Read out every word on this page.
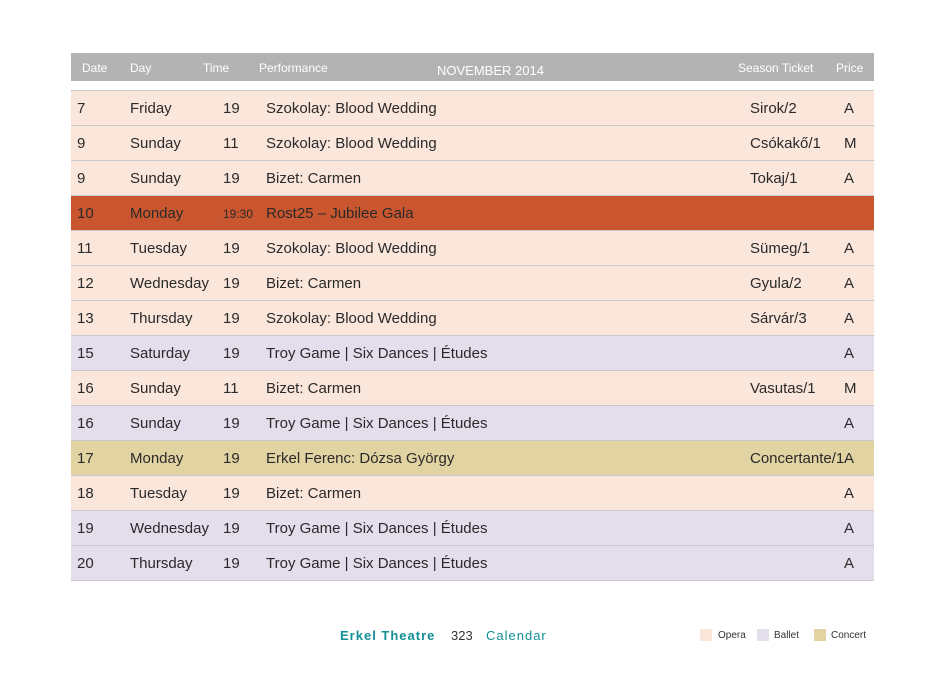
Date Day	Time Performance	NOVEMBER 2014	Season Ticket Price
7	Friday	19 Szokolay: Blood Wedding	Sirok/2	A
9	Sunday	11 Szokolay: Blood Wedding	Csókakő/1 M
9	Sunday	19 Bizet: Carmen	Tokaj/1	A
10 Monday	19:30 Rost25 – Jubilee Gala
11 Tuesday 19 Szokolay: Blood Wedding	Sümeg/1 A
12 Wednesday 19 Bizet: Carmen	Gyula/2	A
13 Thursday 19 Szokolay: Blood Wedding	Sárvár/3 A
15 Saturday 19 Troy Game | Six Dances | Études	A
16 Sunday	11 Bizet: Carmen	Vasutas/1 M
16 Sunday	19 Troy Game | Six Dances | Études	A
17 Monday	19 Erkel Ferenc: Dózsa György	Concertante/1 A
18 Tuesday 19 Bizet: Carmen	A
19 Wednesday 19 Troy Game | Six Dances | Études	A
20 Thursday 19 Troy Game | Six Dances | Études	A
Erkel Theatre 323 Calendar	Opera	Ballet	Concert
